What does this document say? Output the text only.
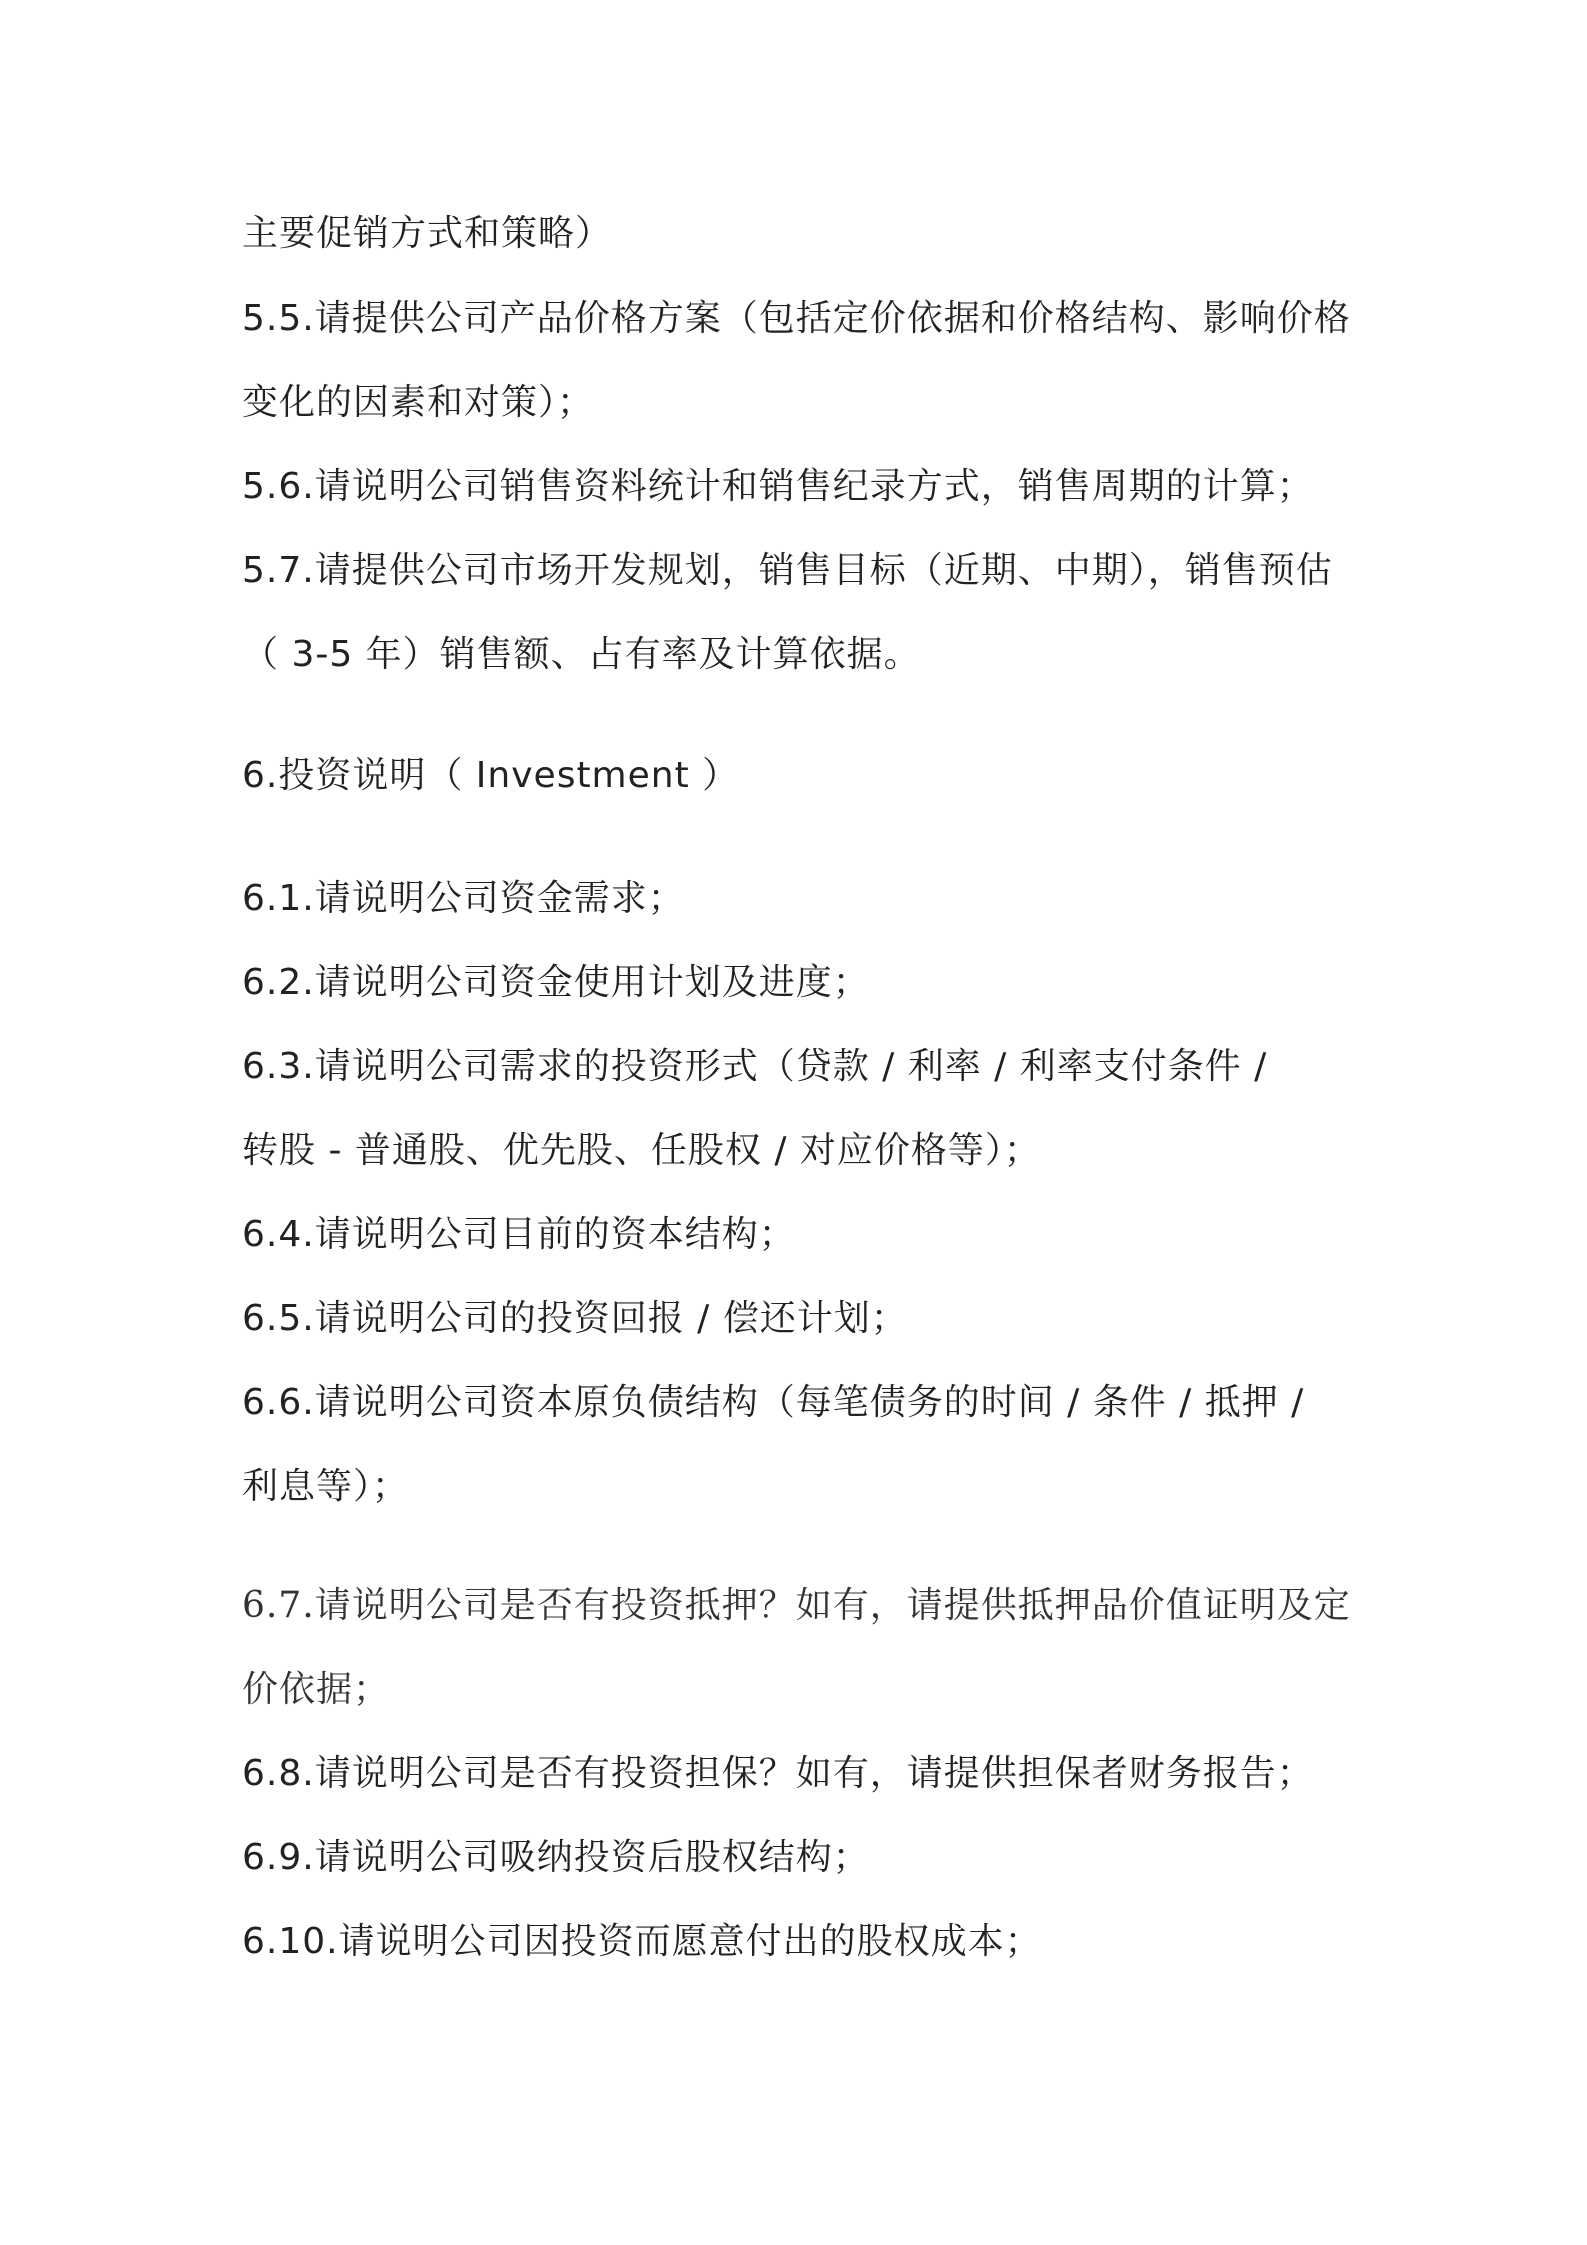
主要促销方式和策略）
5.5.请提供公司产品价格方案（包括定价依据和价格结构、影响价格
变化的因素和对策）；
5.6.请说明公司销售资料统计和销售纪录方式，销售周期的计算；
5.7.请提供公司市场开发规划，销售目标（近期、中期），销售预估
（ 3-5 年）销售额、占有率及计算依据。
6.投资说明（ Investment ）
6.1.请说明公司资金需求；
6.2.请说明公司资金使用计划及进度；
6.3.请说明公司需求的投资形式（贷款 / 利率 / 利率支付条件 /
转股 - 普通股、优先股、任股权 / 对应价格等）；
6.4.请说明公司目前的资本结构；
6.5.请说明公司的投资回报 / 偿还计划；
6.6.请说明公司资本原负债结构（每笔债务的时间 / 条件 / 抵押 /
利息等）；
6.7.请说明公司是否有投资抵押？如有，请提供抵押品价值证明及定
价依据；
6.8.请说明公司是否有投资担保？如有，请提供担保者财务报告；
6.9.请说明公司吸纳投资后股权结构；
6.10.请说明公司因投资而愿意付出的股权成本；
